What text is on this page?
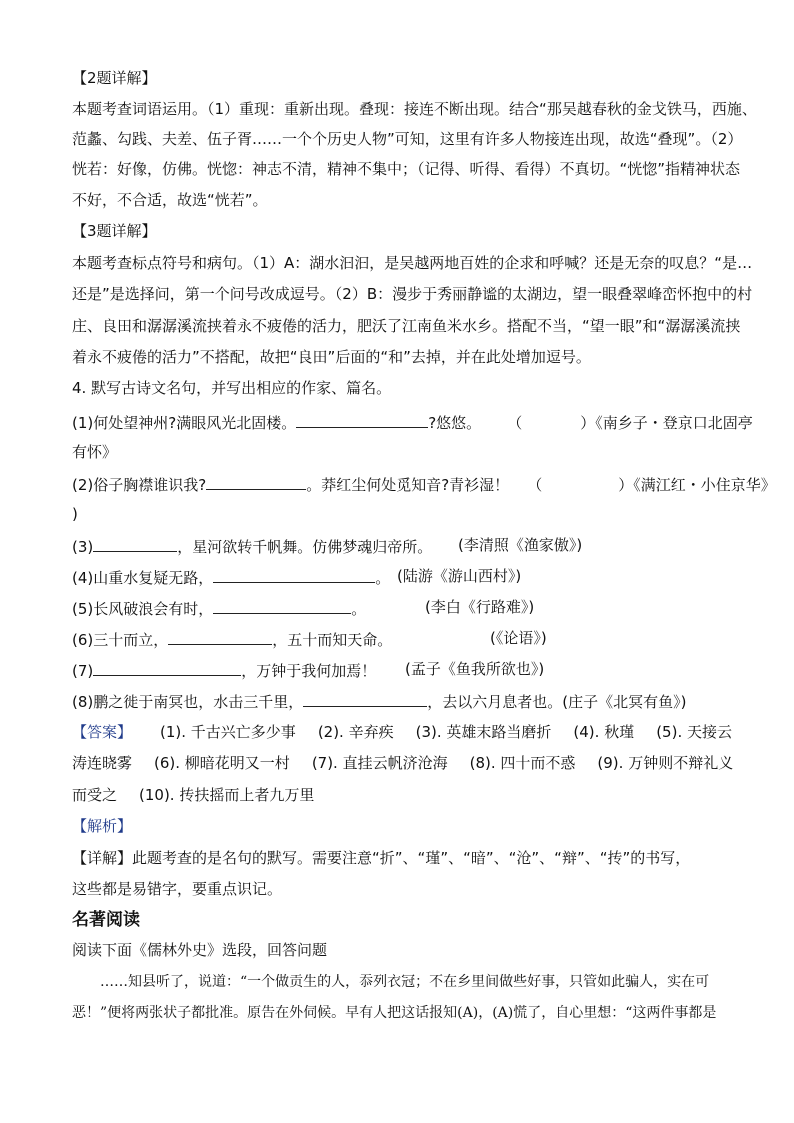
【2题详解】
本题考查词语运用。（1）重现：重新出现。叠现：接连不断出现。结合“那吴越春秋的金戈铁马，西施、
范蠡、勾践、夫差、伍子胥……一个个历史人物”可知，这里有许多人物接连出现，故选“叠现”。（2）
恍若：好像，仿佛。恍惚：神志不清，精神不集中；（记得、听得、看得）不真切。“恍惚”指精神状态
不好，不合适，故选“恍若”。
【3题详解】
本题考查标点符号和病句。（1）A：湖水汩汩，是吴越两地百姓的企求和呼喊？还是无奈的叹息？“是…
还是”是选择问，第一个问号改成逗号。（2）B：漫步于秀丽静谧的太湖边，望一眼叠翠峰峦怀抱中的村
庄、良田和潺潺溪流挟着永不疲倦的活力，肥沃了江南鱼米水乡。搭配不当，“望一眼”和“潺潺溪流挟
着永不疲倦的活力”不搭配，故把“良田”后面的“和”去掉，并在此处增加逗号。
4. 默写古诗文名句，并写出相应的作家、篇名。
(1)何处望神州?满眼风光北固楼。	?悠悠。 （	）《南乡子・登京口北固亭
有怀》
(2)俗子胸襟谁识我?	。莽红尘何处觅知音?青衫湿！ （	）《满江红・小住京华》
)
(3)	，星河欲转千帆舞。仿佛梦魂归帝所。 (李清照《渔家傲》)
(4)山重水复疑无路，	。 (陆游《游山西村》)
(5)长风破浪会有时，	。	(李白《行路难》)
(6)三十而立，	，五十而知天命。	(《论语》)
(7)	，万钟于我何加焉！ (孟子《鱼我所欲也》)
(8)鹏之徙于南冥也，水击三千里，	，去以六月息者也。(庄子《北冥有鱼》)
【答案】 (1). 千古兴亡多少事 (2). 辛弃疾 (3). 英雄末路当磨折 (4). 秋瑾 (5). 天接云
涛连晓雾 (6). 柳暗花明又一村 (7). 直挂云帆济沧海 (8). 四十而不惑 (9). 万钟则不辩礼义
而受之 (10). 抟扶摇而上者九万里
【解析】
【详解】此题考查的是名句的默写。需要注意“折”、“瑾”、“暗”、“沧”、“辩”、“抟”的书写，
这些都是易错字，要重点识记。
名著阅读
阅读下面《儒林外史》选段，回答问题
……知县听了，说道：“一个做贡生的人，忝列衣冠；不在乡里间做些好事，只管如此骗人，实在可
恶！”便将两张状子都批准。原告在外伺候。早有人把这话报知(A)，(A)慌了，自心里想：“这两件事都是
